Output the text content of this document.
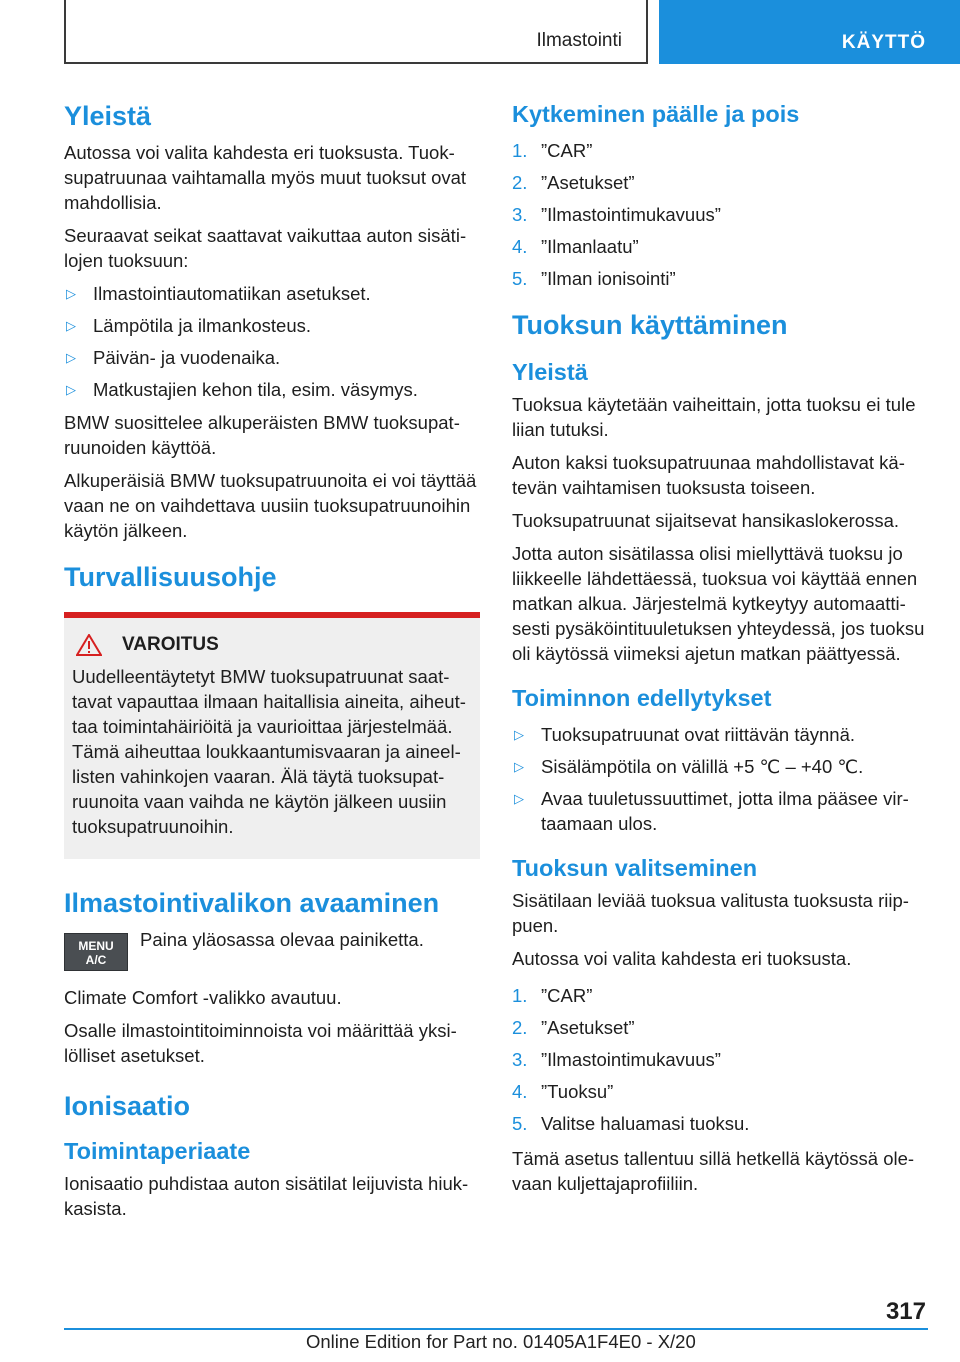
Ilmastointi	KÄYTTÖ
Yleistä

Autossa voi valita kahdesta eri tuoksusta. Tuoksupatruunaa vaihtamalla myös muut tuoksut ovat mahdollisia.

Seuraavat seikat saattavat vaikuttaa auton sisätilojen tuoksuun:

▷ Ilmastointiautomatiikan asetukset.
▷ Lämpötila ja ilmankosteus.
▷ Päivän- ja vuodenaika.
▷ Matkustajien kehon tila, esim. väsymys.

BMW suosittelee alkuperäisten BMW tuoksupatruunoiden käyttöä.

Alkuperäisiä BMW tuoksupatruunoita ei voi täyttää vaan ne on vaihdettava uusiin tuoksupatruunoihin käytön jälkeen.

Turvallisuusohje
VAROITUS

Uudelleentäytetyt BMW tuoksupatruunat saattavat vapauttaa ilmaan haitallisia aineita, aiheuttaa toimintahäiriöitä ja vaurioittaa järjestelmää. Tämä aiheuttaa loukkaantumisvaaran ja aineellisten vahinkojen vaaran. Älä täytä tuoksupatruunoita vaan vaihda ne käytön jälkeen uusiin tuoksupatruunoihin.

Ilmastointivalikon avaaminen
MENU
A/C

Paina yläosassa olevaa painiketta.

Climate Comfort -valikko avautuu.

Osalle ilmastointitoiminnoista voi määrittää yksilölliset asetukset.

Ionisaatio
Toimintaperiaate

Ionisaatio puhdistaa auton sisätilat leijuvista hiukkasista.

Kytkeminen päälle ja pois
1. ”CAR”
2. ”Asetukset”
3. ”Ilmastointimukavuus”
4. ”Ilmanlaatu”
5. ”Ilman ionisointi”
Tuoksun käyttäminen
Yleistä

Tuoksua käytetään vaiheittain, jotta tuoksu ei tule liian tutuksi.

Auton kaksi tuoksupatruunaa mahdollistavat kätevän vaihtamisen tuoksusta toiseen.

Tuoksupatruunat sijaitsevat hansikaslokerossa.

Jotta auton sisätilassa olisi miellyttävä tuoksu jo liikkeelle lähdettäessä, tuoksua voi käyttää ennen matkan alkua. Järjestelmä kytkeytyy automaattisesti pysäköintituuletuksen yhteydessä, jos tuoksu oli käytössä viimeksi ajetun matkan päättyessä.

Toiminnon edellytykset
▷ Tuoksupatruunat ovat riittävän täynnä.
▷ Sisälämpötila on välillä +5 ℃ – +40 ℃.
▷ Avaa tuuletussuuttimet, jotta ilma pääsee virtaamaan ulos.
Tuoksun valitseminen

Sisätilaan leviää tuoksua valitusta tuoksusta riippuen.

Autossa voi valita kahdesta eri tuoksusta.

1. ”CAR”
2. ”Asetukset”
3. ”Ilmastointimukavuus”
4. ”Tuoksu”
5. Valitse haluamasi tuoksu.

Tämä asetus tallentuu sillä hetkellä käytössä olevaan kuljettajaprofiiliin.

317
Online Edition for Part no. 01405A1F4E0 - X/20
